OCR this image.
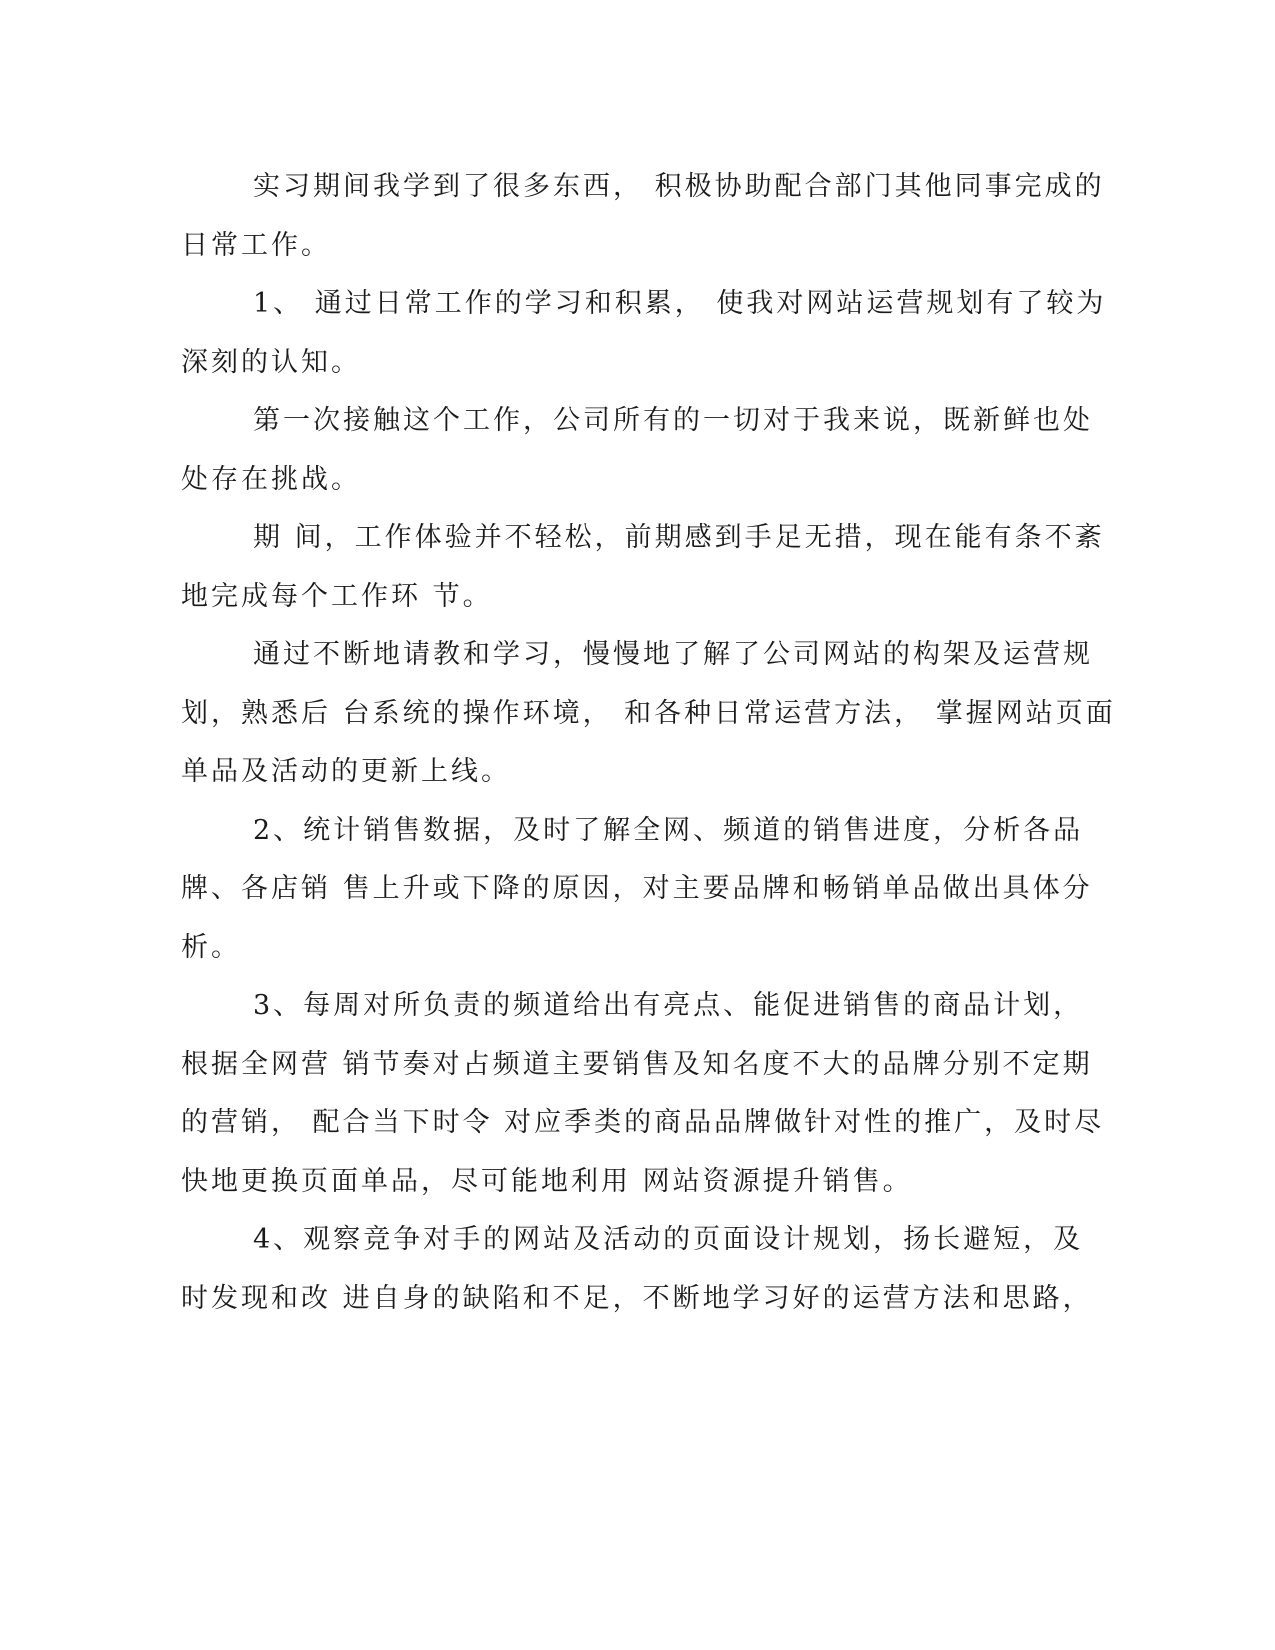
实习期间我学到了很多东西， 积极协助配合部门其他同事完成的
日常工作。
1、 通过日常工作的学习和积累， 使我对网站运营规划有了较为
深刻的认知。
第一次接触这个工作，公司所有的一切对于我来说，既新鲜也处
处存在挑战。
期 间，工作体验并不轻松，前期感到手足无措，现在能有条不紊
地完成每个工作环 节。
通过不断地请教和学习，慢慢地了解了公司网站的构架及运营规
划，熟悉后 台系统的操作环境， 和各种日常运营方法， 掌握网站页面
单品及活动的更新上线。
2、统计销售数据，及时了解全网、频道的销售进度，分析各品
牌、各店销 售上升或下降的原因，对主要品牌和畅销单品做出具体分
析。
3、每周对所负责的频道给出有亮点、能促进销售的商品计划，
根据全网营 销节奏对占频道主要销售及知名度不大的品牌分别不定期
的营销， 配合当下时令 对应季类的商品品牌做针对性的推广，及时尽
快地更换页面单品，尽可能地利用 网站资源提升销售。
4、观察竞争对手的网站及活动的页面设计规划，扬长避短，及
时发现和改 进自身的缺陷和不足，不断地学习好的运营方法和思路，
